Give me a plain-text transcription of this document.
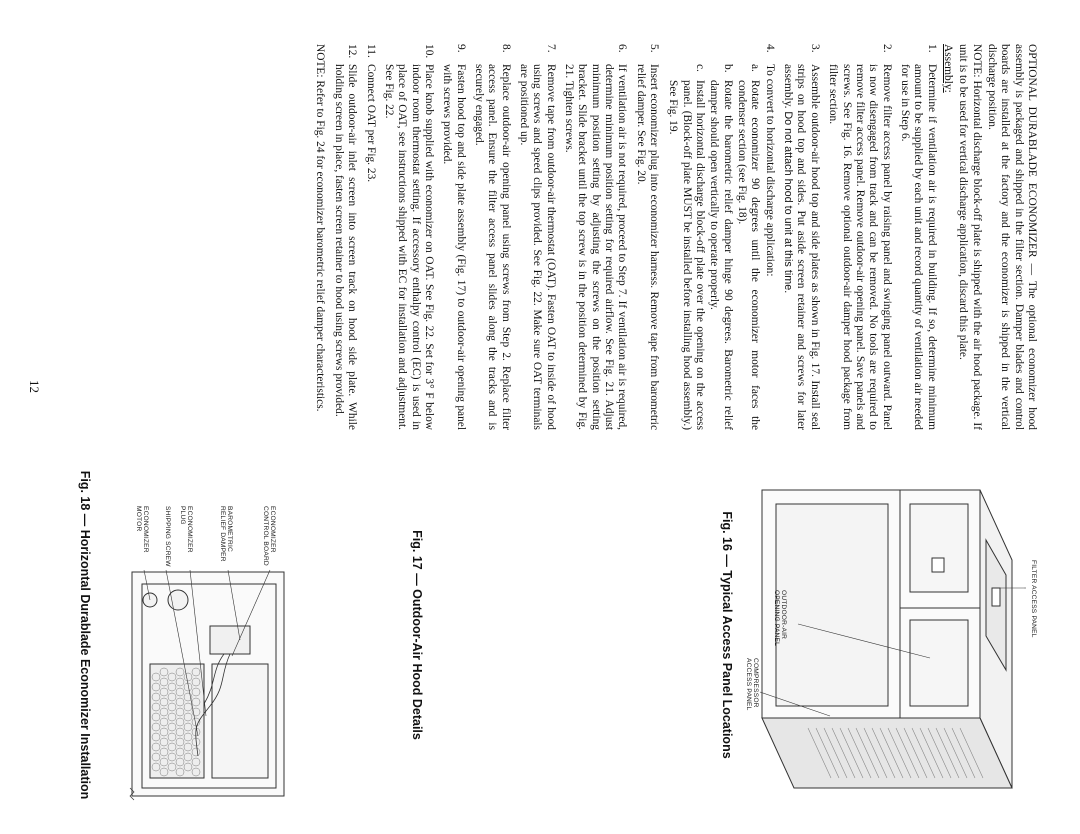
OPTIONAL DURABLADE ECONOMIZER — The optional economizer hood assembly is packaged and shipped in the filter section. Damper blades and control boards are installed at the factory and the economizer is shipped in the vertical discharge position.

NOTE: Horizontal discharge block-off plate is shipped with the air hood package. If unit is to be used for vertical discharge application, discard this plate.

Assembly:

1.
Determine if ventilation air is required in building. If so, determine minimum amount to be supplied by each unit and record quantity of ventilation air needed for use in Step 6.
2.
Remove filter access panel by raising panel and swinging panel outward. Panel is now disengaged from track and can be removed. No tools are required to remove filter access panel. Remove outdoor-air opening panel. Save panels and screws. See Fig. 16. Remove optional outdoor-air damper hood package from filter section.
3.
Assemble outdoor-air hood top and side plates as shown in Fig. 17. Install seal strips on hood top and sides. Put aside screen retainer and screws for later assembly. Do not attach hood to unit at this time.
4.
To convert to horizontal discharge application:
a.
Rotate economizer 90 degrees until the economizer motor faces the condenser section (see Fig. 18).
b.
Rotate the barometric relief damper hinge 90 degrees. Barometric relief damper should open vertically to operate properly.
c.
Install horizontal discharge block-off plate over the opening on the access panel. (Block-off plate MUST be installed before installing hood assembly.) See Fig. 19.
5.
Insert economizer plug into economizer harness. Remove tape from barometric relief damper. See Fig. 20.
6.
If ventilation air is not required, proceed to Step 7. If ventilation air is required, determine minimum position setting for required airflow. See Fig. 21. Adjust minimum position setting by adjusting the screws on the position setting bracket. Slide bracket until the top screw is in the position determined by Fig. 21. Tighten screws.
7.
Remove tape from outdoor-air thermostat (OAT). Fasten OAT to inside of hood using screws and speed clips provided. See Fig. 22. Make sure OAT terminals are positioned up.
8.
Replace outdoor-air opening panel using screws from Step 2. Replace filter access panel. Ensure the filter access panel slides along the tracks and is securely engaged.
9.
Fasten hood top and side plate assembly (Fig. 17) to outdoor-air opening panel with screws provided.
10.
Place knob supplied with economizer on OAT. See Fig. 22. Set for 3° F below indoor room thermostat setting. If accessory enthalpy control (EC) is used in place of OAT, see instructions shipped with EC for installation and adjustment. See Fig. 22.
11.
Connect OAT per Fig. 23.
12.
Slide outdoor-air inlet screen into screen track on hood side plate. While holding screen in place, fasten screen retainer to hood using screws provided.

NOTE: Refer to Fig. 24 for economizer barometric relief damper characteristics.

FILTER ACCESS PANEL
OUTDOOR-AIR OPENING PANEL
COMPRESSOR ACCESS PANEL
Fig. 16 — Typical Access Panel Locations
Fig. 17 — Outdoor-Air Hood Details
ECONOMIZER CONTROL BOARD
BAROMETRIC RELIEF DAMPER
ECONOMIZER PLUG
SHIPPING SCREW
ECONOMIZER MOTOR
Fig. 18 — Horizontal Durablade Economizer Installation
12
